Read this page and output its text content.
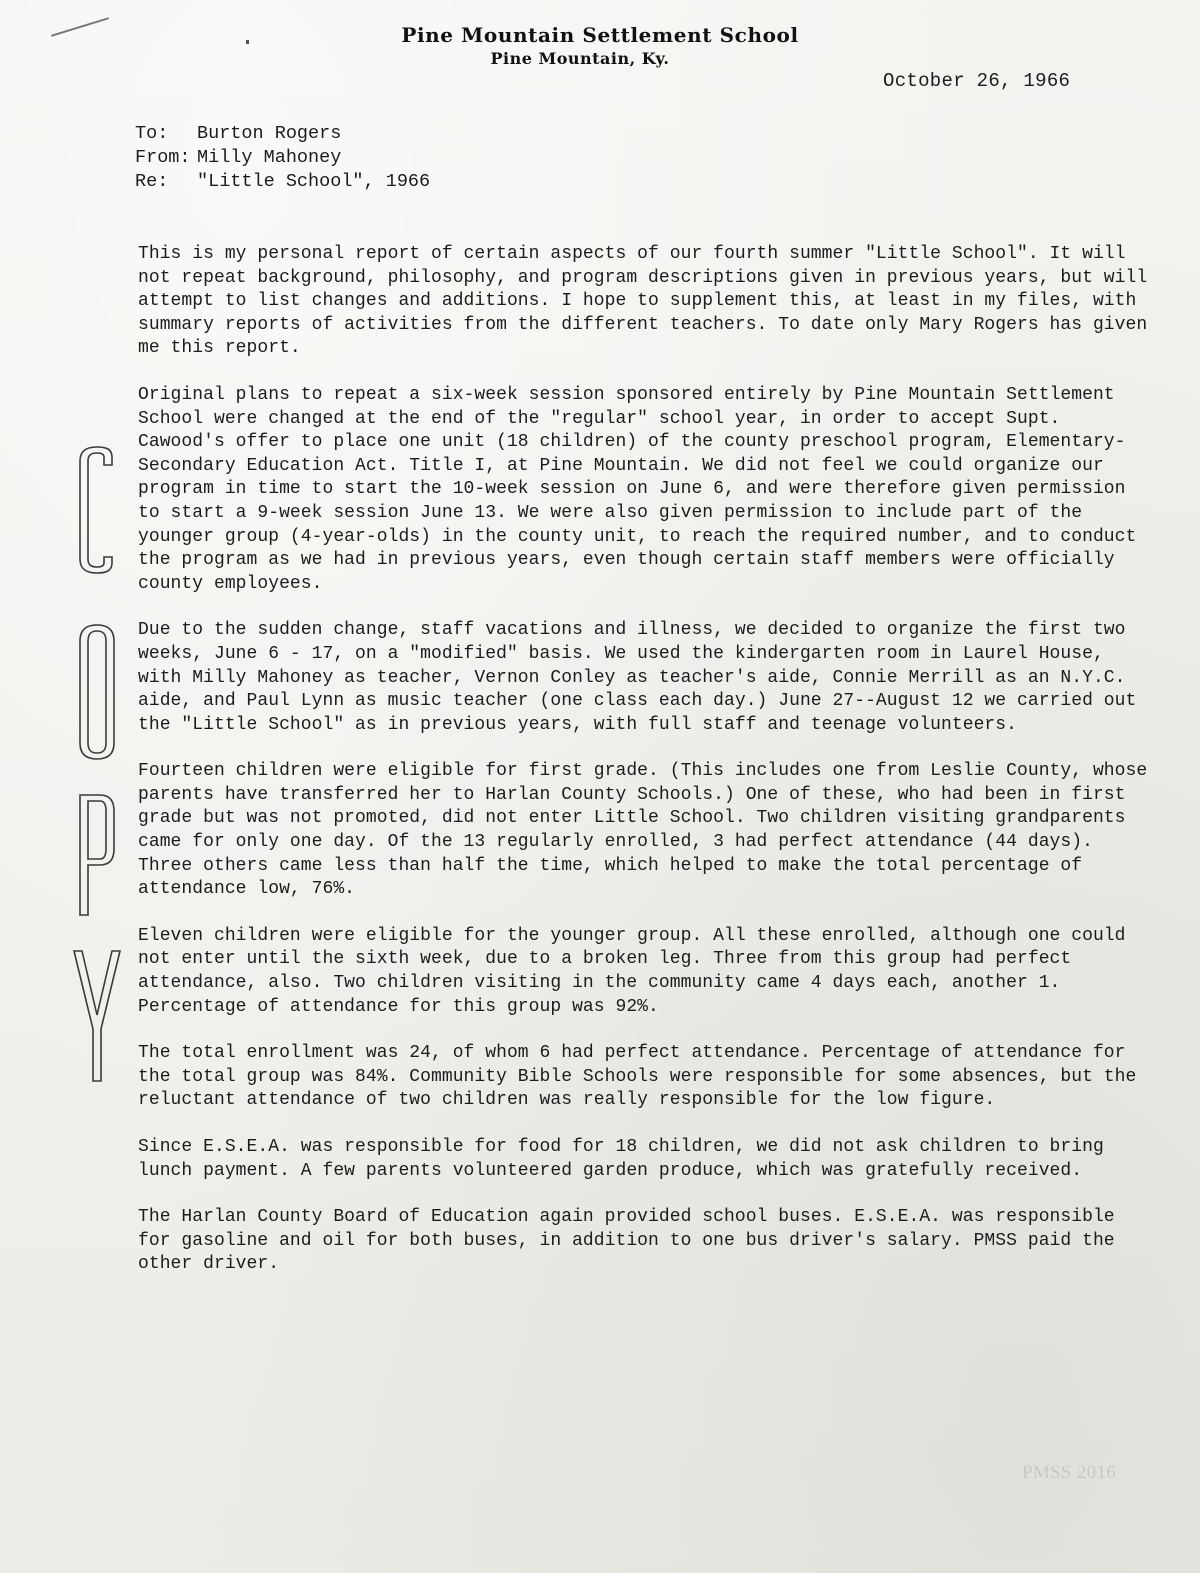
Pine Mountain Settlement School
Pine Mountain, Ky.
October 26, 1966
To: Burton Rogers
From: Milly Mahoney
Re: "Little School", 1966

This is my personal report of certain aspects of our fourth summer "Little School". It will not repeat background, philosophy, and program descriptions given in previous years, but will attempt to list changes and additions. I hope to supplement this, at least in my files, with summary reports of activities from the different teachers. To date only Mary Rogers has given me this report.

Original plans to repeat a six-week session sponsored entirely by Pine Mountain Settlement School were changed at the end of the "regular" school year, in order to accept Supt. Cawood's offer to place one unit (18 children) of the county preschool program, Elementary-Secondary Education Act. Title I, at Pine Mountain. We did not feel we could organize our program in time to start the 10-week session on June 6, and were therefore given permission to start a 9-week session June 13. We were also given permission to include part of the younger group (4-year-olds) in the county unit, to reach the required number, and to conduct the program as we had in previous years, even though certain staff members were officially county employees.

Due to the sudden change, staff vacations and illness, we decided to organize the first two weeks, June 6 - 17, on a "modified" basis. We used the kindergarten room in Laurel House, with Milly Mahoney as teacher, Vernon Conley as teacher's aide, Connie Merrill as an N.Y.C. aide, and Paul Lynn as music teacher (one class each day.) June 27--August 12 we carried out the "Little School" as in previous years, with full staff and teenage volunteers.

Fourteen children were eligible for first grade. (This includes one from Leslie County, whose parents have transferred her to Harlan County Schools.) One of these, who had been in first grade but was not promoted, did not enter Little School. Two children visiting grandparents came for only one day. Of the 13 regularly enrolled, 3 had perfect attendance (44 days). Three others came less than half the time, which helped to make the total percentage of attendance low, 76%.

Eleven children were eligible for the younger group. All these enrolled, although one could not enter until the sixth week, due to a broken leg. Three from this group had perfect attendance, also. Two children visiting in the community came 4 days each, another 1. Percentage of attendance for this group was 92%.

The total enrollment was 24, of whom 6 had perfect attendance. Percentage of attendance for the total group was 84%. Community Bible Schools were responsible for some absences, but the reluctant attendance of two children was really responsible for the low figure.

Since E.S.E.A. was responsible for food for 18 children, we did not ask children to bring lunch payment. A few parents volunteered garden produce, which was gratefully received.

The Harlan County Board of Education again provided school buses. E.S.E.A. was responsible for gasoline and oil for both buses, in addition to one bus driver's salary. PMSS paid the other driver.

PMSS 2016
